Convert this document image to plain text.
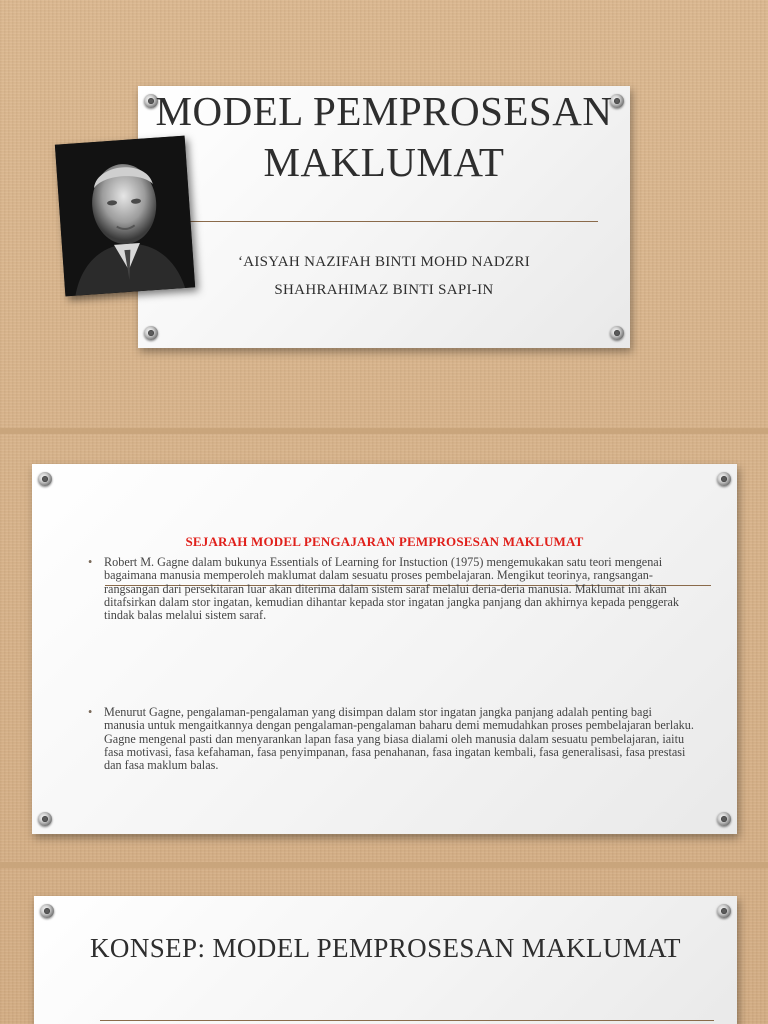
MODEL PEMPROSESAN MAKLUMAT
‘AISYAH NAZIFAH BINTI MOHD NADZRI
SHAHRAHIMAZ BINTI SAPI-IN
SEJARAH MODEL PENGAJARAN PEMPROSESAN MAKLUMAT
• Robert M. Gagne dalam bukunya Essentials of Learning for Instuction (1975) mengemukakan satu teori mengenai bagaimana manusia memperoleh maklumat dalam sesuatu proses pembelajaran. Mengikut teorinya, rangsangan-rangsangan dari persekitaran luar akan diterima dalam sistem saraf melalui deria-deria manusia. Maklumat ini akan ditafsirkan dalam stor ingatan, kemudian dihantar kepada stor ingatan jangka panjang dan akhirnya kepada penggerak tindak balas melalui sistem saraf.
• Menurut Gagne, pengalaman-pengalaman yang disimpan dalam stor ingatan jangka panjang adalah penting bagi manusia untuk mengaitkannya dengan pengalaman-pengalaman baharu demi memudahkan proses pembelajaran berlaku. Gagne mengenal pasti dan menyarankan lapan fasa yang biasa dialami oleh manusia dalam sesuatu pembelajaran, iaitu fasa motivasi, fasa kefahaman, fasa penyimpanan, fasa penahanan, fasa ingatan kembali, fasa generalisasi, fasa prestasi dan fasa maklum balas.
KONSEP: MODEL PEMPROSESAN MAKLUMAT
